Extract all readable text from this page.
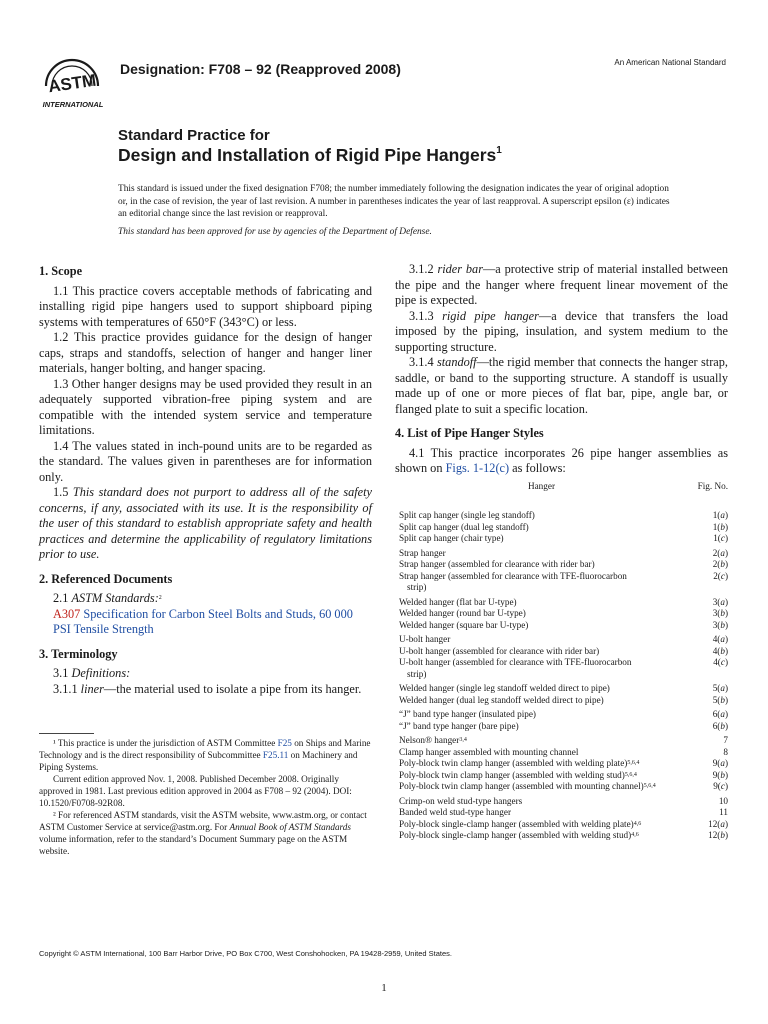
ASTM
INTERNATIONAL
Designation: F708 – 92 (Reapproved 2008)	An American National Standard
Standard Practice for
Design and Installation of Rigid Pipe Hangers$^1$
This standard is issued under the fixed designation F708; the number immediately following the designation indicates the year of original adoption or, in the case of revision, the year of last revision. A number in parentheses indicates the year of last reapproval. A superscript epsilon (ε) indicates an editorial change since the last revision or reapproval.
This standard has been approved for use by agencies of the Department of Defense.
1. Scope

1.1 This practice covers acceptable methods of fabricating and installing rigid pipe hangers used to support shipboard piping systems with temperatures of 650°F (343°C) or less.

1.2 This practice provides guidance for the design of hanger caps, straps and standoffs, selection of hanger and hanger liner materials, hanger bolting, and hanger spacing.

1.3 Other hanger designs may be used provided they result in an adequately supported vibration-free piping system and are compatible with the intended system service and temperature limitations.

1.4 The values stated in inch-pound units are to be regarded as the standard. The values given in parentheses are for information only.

1.5 This standard does not purport to address all of the safety concerns, if any, associated with its use. It is the responsibility of the user of this standard to establish appropriate safety and health practices and determine the applicability of regulatory limitations prior to use.

2. Referenced Documents

2.1 ASTM Standards:$^2$

A307 Specification for Carbon Steel Bolts and Studs, 60 000 PSI Tensile Strength

3. Terminology

3.1 Definitions:

3.1.1 liner—the material used to isolate a pipe from its hanger.

¹ This practice is under the jurisdiction of ASTM Committee F25 on Ships and Marine Technology and is the direct responsibility of Subcommittee F25.11 on Machinery and Piping Systems.

Current edition approved Nov. 1, 2008. Published December 2008. Originally approved in 1981. Last previous edition approved in 2004 as F708 – 92 (2004). DOI: 10.1520/F0708-92R08.

² For referenced ASTM standards, visit the ASTM website, www.astm.org, or contact ASTM Customer Service at service@astm.org. For Annual Book of ASTM Standards volume information, refer to the standard’s Document Summary page on the ASTM website.

3.1.2 rider bar—a protective strip of material installed between the pipe and the hanger where frequent linear movement of the pipe is expected.

3.1.3 rigid pipe hanger—a device that transfers the load imposed by the piping, insulation, and system medium to the supporting structure.

3.1.4 standoff—the rigid member that connects the hanger strap, saddle, or band to the supporting structure. A standoff is usually made up of one or more pieces of flat bar, pipe, angle bar, or flanged plate to suit a specific location.

4. List of Pipe Hanger Styles

4.1 This practice incorporates 26 pipe hanger assemblies as shown on Figs. 1-12(c) as follows:

Hanger	Fig. No.
Split cap hanger (single leg standoff)	1(a)
Split cap hanger (dual leg standoff)	1(b)
Split cap hanger (chair type)	1(c)
Strap hanger	2(a)
Strap hanger (assembled for clearance with rider bar)	2(b)
Strap hanger (assembled for clearance with TFE-fluorocarbon
strip)	2(c)
Welded hanger (flat bar U-type)	3(a)
Welded hanger (round bar U-type)	3(b)
Welded hanger (square bar U-type)	3(b)
U-bolt hanger	4(a)
U-bolt hanger (assembled for clearance with rider bar)	4(b)
U-bolt hanger (assembled for clearance with TFE-fluorocarbon
strip)	4(c)
Welded hanger (single leg standoff welded direct to pipe)	5(a)
Welded hanger (dual leg standoff welded direct to pipe)	5(b)
“J” band type hanger (insulated pipe)	6(a)
“J” band type hanger (bare pipe)	6(b)
Nelson® hanger$^{3,4}$	7
Clamp hanger assembled with mounting channel	8
Poly-block twin clamp hanger (assembled with welding plate)$^{5,6,4}$	9(a)
Poly-block twin clamp hanger (assembled with welding stud)$^{5,6,4}$	9(b)
Poly-block twin clamp hanger (assembled with mounting channel)$^{5,6,4}$	9(c)
Crimp-on weld stud-type hangers	10
Banded weld stud-type hanger	11
Poly-block single-clamp hanger (assembled with welding plate)$^{4,6}$	12(a)
Poly-block single-clamp hanger (assembled with welding stud)$^{4,6}$	12(b)
Copyright © ASTM International, 100 Barr Harbor Drive, PO Box C700, West Conshohocken, PA 19428-2959, United States.
1
